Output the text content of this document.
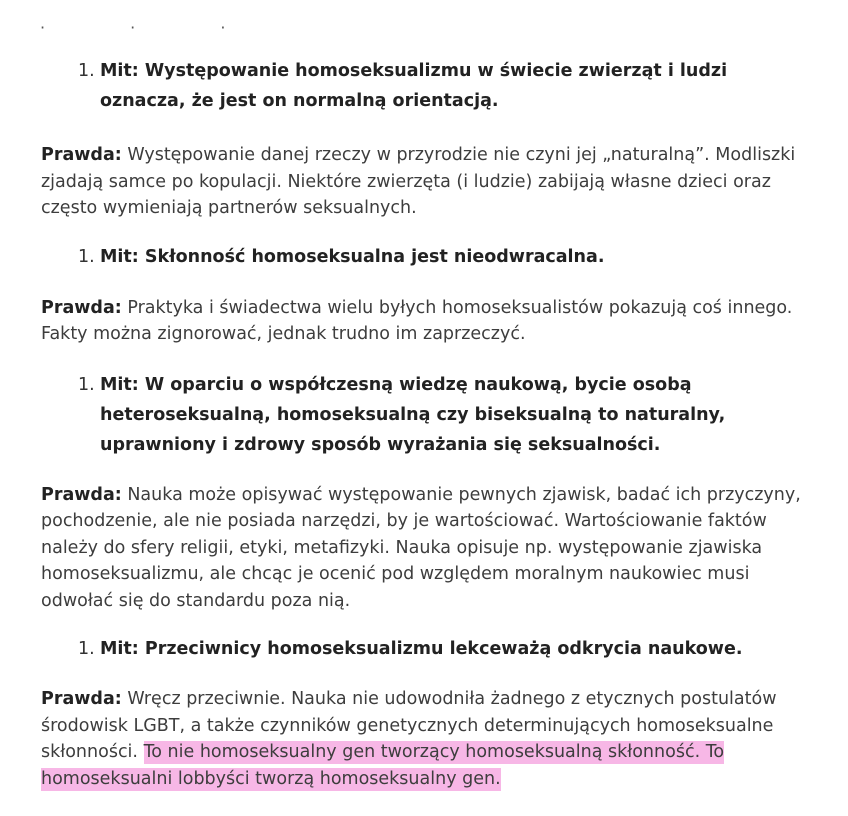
· · ·
1. Mit: Występowanie homoseksualizmu w świecie zwierząt i ludzi oznacza, że jest on normalną orientacją.
Prawda: Występowanie danej rzeczy w przyrodzie nie czyni jej „naturalną”. Modliszki zjadają samce po kopulacji. Niektóre zwierzęta (i ludzie) zabijają własne dzieci oraz często wymieniają partnerów seksualnych.
1. Mit: Skłonność homoseksualna jest nieodwracalna.
Prawda: Praktyka i świadectwa wielu byłych homoseksualistów pokazują coś innego. Fakty można zignorować, jednak trudno im zaprzeczyć.
1. Mit: W oparciu o współczesną wiedzę naukową, bycie osobą heteroseksualną, homoseksualną czy biseksualną to naturalny, uprawniony i zdrowy sposób wyrażania się seksualności.
Prawda: Nauka może opisywać występowanie pewnych zjawisk, badać ich przyczyny, pochodzenie, ale nie posiada narzędzi, by je wartościować. Wartościowanie faktów należy do sfery religii, etyki, metafizyki. Nauka opisuje np. występowanie zjawiska homoseksualizmu, ale chcąc je ocenić pod względem moralnym naukowiec musi odwołać się do standardu poza nią.
1. Mit: Przeciwnicy homoseksualizmu lekceważą odkrycia naukowe.
Prawda: Wręcz przeciwnie. Nauka nie udowodniła żadnego z etycznych postulatów środowisk LGBT, a także czynników genetycznych determinujących homoseksualne skłonności. To nie homoseksualny gen tworzący homoseksualną skłonność. To homoseksualni lobbyści tworzą homoseksualny gen.
